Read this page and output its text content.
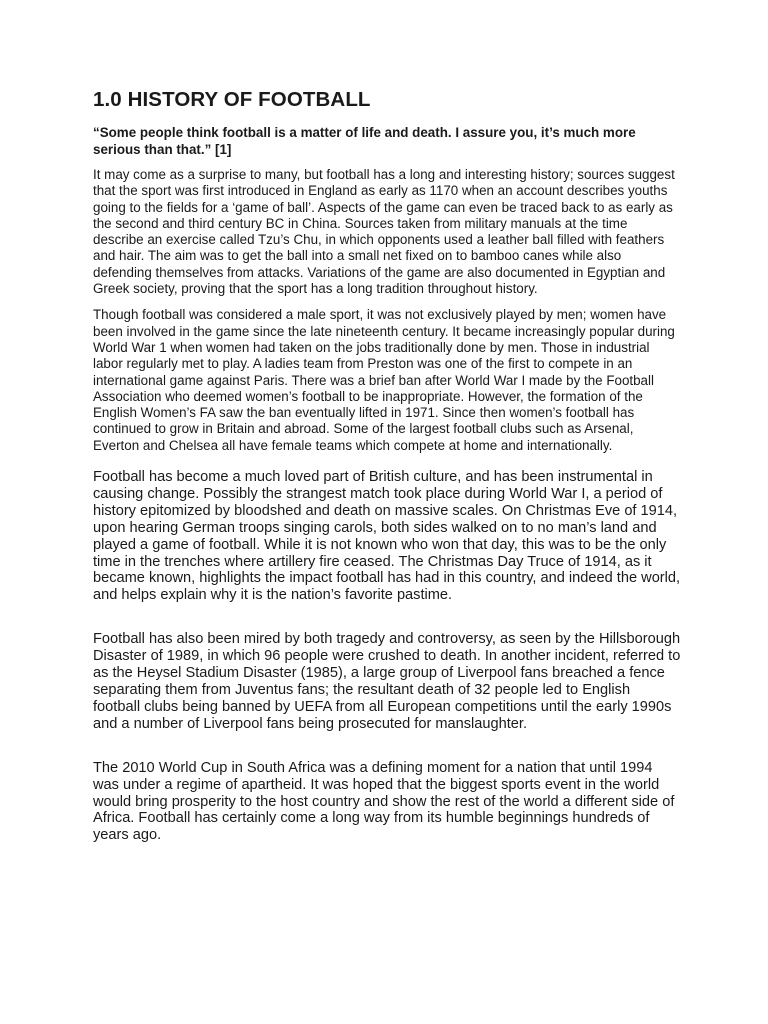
1.0 HISTORY OF FOOTBALL

“Some people think football is a matter of life and death. I assure you, it’s much more serious than that.” [1]

It may come as a surprise to many, but football has a long and interesting history; sources suggest that the sport was first introduced in England as early as 1170 when an account describes youths going to the fields for a ‘game of ball’. Aspects of the game can even be traced back to as early as the second and third century BC in China. Sources taken from military manuals at the time describe an exercise called Tzu’s Chu, in which opponents used a leather ball filled with feathers and hair. The aim was to get the ball into a small net fixed on to bamboo canes while also defending themselves from attacks. Variations of the game are also documented in Egyptian and Greek society, proving that the sport has a long tradition throughout history.

Though football was considered a male sport, it was not exclusively played by men; women have been involved in the game since the late nineteenth century. It became increasingly popular during World War 1 when women had taken on the jobs traditionally done by men. Those in industrial labor regularly met to play. A ladies team from Preston was one of the first to compete in an international game against Paris. There was a brief ban after World War I made by the Football Association who deemed women’s football to be inappropriate. However, the formation of the English Women’s FA saw the ban eventually lifted in 1971. Since then women’s football has continued to grow in Britain and abroad. Some of the largest football clubs such as Arsenal, Everton and Chelsea all have female teams which compete at home and internationally.

Football has become a much loved part of British culture, and has been instrumental in causing change. Possibly the strangest match took place during World War I, a period of history epitomized by bloodshed and death on massive scales. On Christmas Eve of 1914, upon hearing German troops singing carols, both sides walked on to no man’s land and played a game of football. While it is not known who won that day, this was to be the only time in the trenches where artillery fire ceased. The Christmas Day Truce of 1914, as it became known, highlights the impact football has had in this country, and indeed the world, and helps explain why it is the nation’s favorite pastime.

Football has also been mired by both tragedy and controversy, as seen by the Hillsborough Disaster of 1989, in which 96 people were crushed to death. In another incident, referred to as the Heysel Stadium Disaster (1985), a large group of Liverpool fans breached a fence separating them from Juventus fans; the resultant death of 32 people led to English football clubs being banned by UEFA from all European competitions until the early 1990s and a number of Liverpool fans being prosecuted for manslaughter.

The 2010 World Cup in South Africa was a defining moment for a nation that until 1994 was under a regime of apartheid. It was hoped that the biggest sports event in the world would bring prosperity to the host country and show the rest of the world a different side of Africa. Football has certainly come a long way from its humble beginnings hundreds of years ago.
